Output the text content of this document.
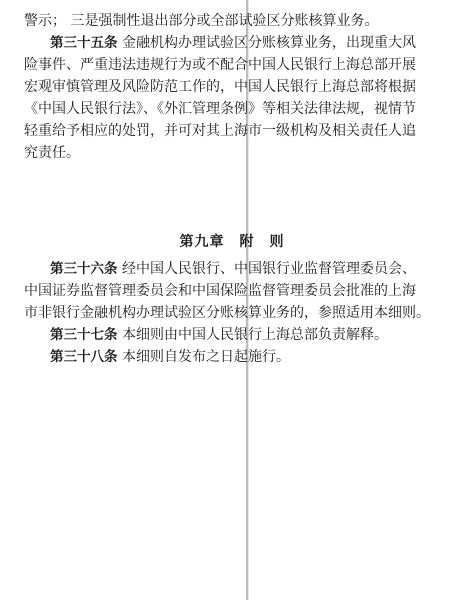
警示； 三是强制性退出部分或全部试验区分账核算业务。
第三十五条 金融机构办理试验区分账核算业务，出现重大风
险事件、严重违法违规行为或不配合中国人民银行上海总部开展
宏观审慎管理及风险防范工作的，中国人民银行上海总部将根据
《中国人民银行法》、《外汇管理条例》等相关法律法规，视情节
轻重给予相应的处罚，并可对其上海市一级机构及相关责任人追
究责任。
第九章　附　则
第三十六条 经中国人民银行、中国银行业监督管理委员会、
中国证券监督管理委员会和中国保险监督管理委员会批准的上海
市非银行金融机构办理试验区分账核算业务的，参照适用本细则。
第三十七条 本细则由中国人民银行上海总部负责解释。
第三十八条 本细则自发布之日起施行。
